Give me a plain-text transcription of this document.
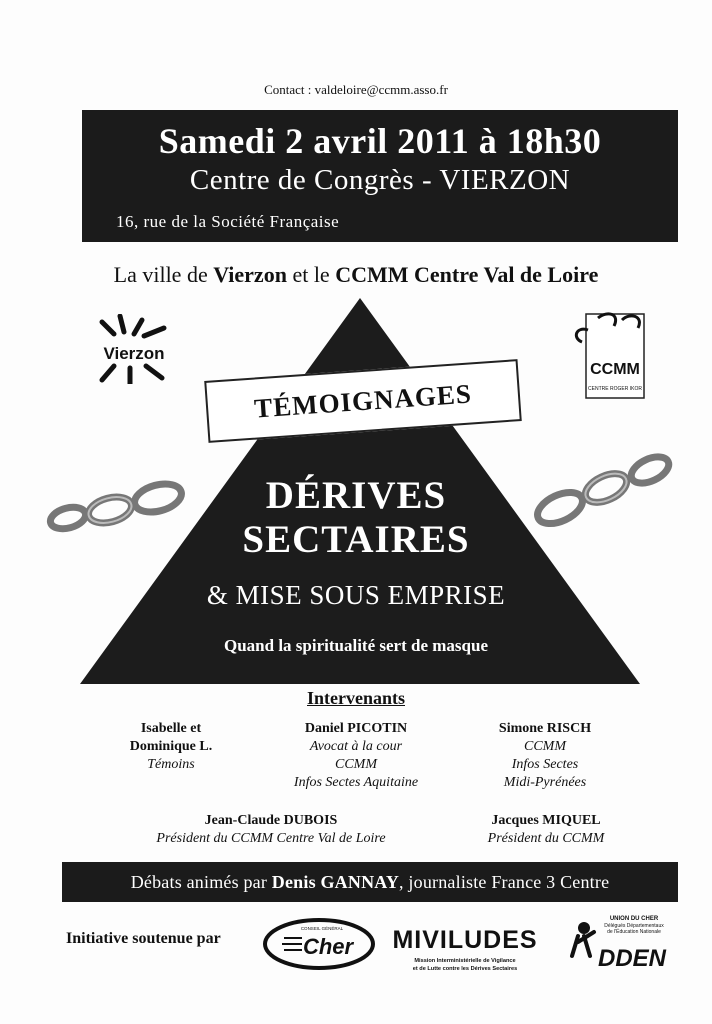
Contact : valdeloire@ccmm.asso.fr
Samedi 2 avril 2011 à 18h30
Centre de Congrès - VIERZON
16, rue de la Société Française
La ville de Vierzon et le CCMM Centre Val de Loire
Vierzon
CCMM
CENTRE ROGER IKOR
TÉMOIGNAGES
DÉRIVES
SECTAIRES
& MISE SOUS EMPRISE
Quand la spiritualité sert de masque
Intervenants
Isabelle et
Dominique L.
Témoins
Daniel PICOTIN
Avocat à la cour
CCMM
Infos Sectes Aquitaine
Simone RISCH
CCMM
Infos Sectes
Midi-Pyrénées
Jean-Claude DUBOIS
Président du CCMM Centre Val de Loire
Jacques MIQUEL
Président du CCMM
Débats animés par
Denis GANNAY , journaliste France 3 Centre
Initiative soutenue par
CONSEIL GÉNÉRAL
Cher MIVILUDES
Mission Interministérielle de Vigilance
et de Lutte contre les Dérives Sectaires
UNION DU CHER
Délégués Départementaux
de l'Éducation Nationale
DDEN
